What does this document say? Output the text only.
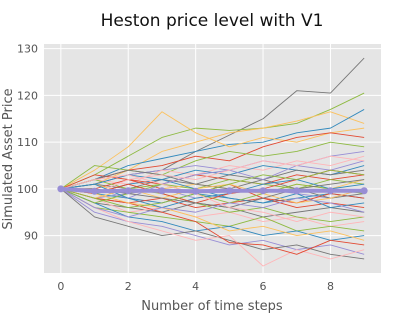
0	2	4	6	8
90
100
110
120
130
Heston price level with V1
Number of time steps
Simulated Asset Price
